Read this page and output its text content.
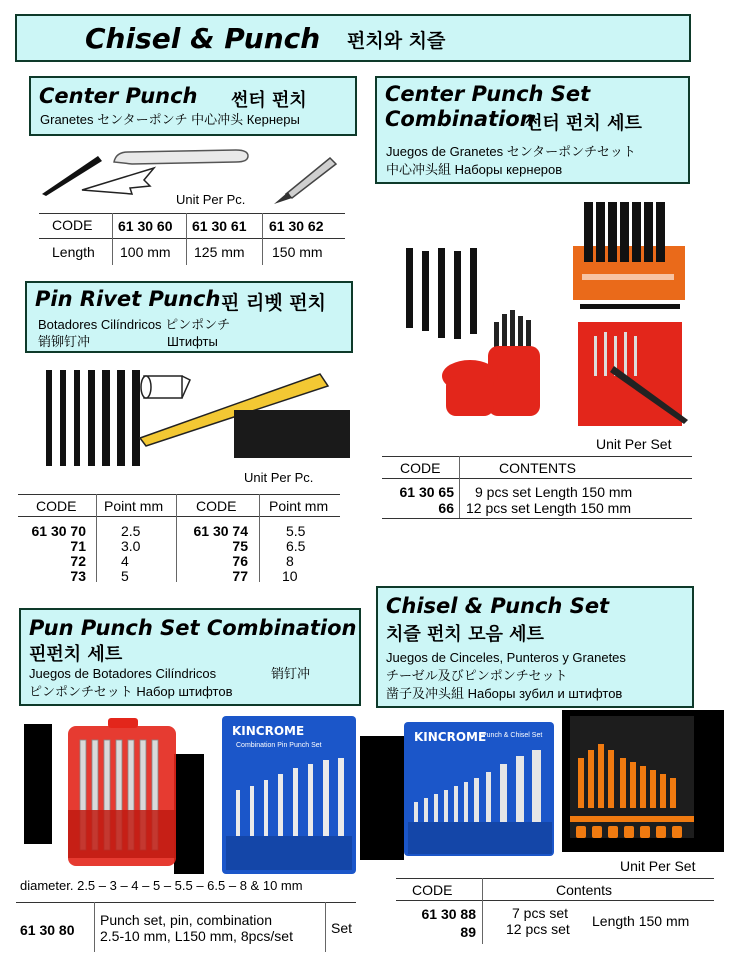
Chisel & Punch 펀치와 치즐
Center Punch 썬터 펀치
Granetes センターポンチ 中心冲头 Кернеры
Unit Per Pc.
CODE 61 30 60 61 30 61 61 30 62
Length 100 mm 125 mm 150 mm
Center Punch Set
Combination
썬터 펀치 세트
Juegos de Granetes センターポンチセット
中心冲头組 Наборы кернеров
Unit Per Set
CODE	CONTENTS
61 30 65 9 pcs set Length 150 mm
66 12 pcs set Length 150 mm
Pin Rivet Punch 핀 리벳 펀치
Botadores Cilíndricos ピンポンチ
销铆钉冲	Штифты
Unit Per Pc.
CODE Point mm CODE Point mm
61 30 70	2.5
71	3.0
72	4
73	5
61 30 74	5.5
75	6.5
76	8
77 10
Chisel & Punch Set
치즐 펀치 모음 세트
Juegos de Cinceles, Punteros y Granetes
チーゼル及びピンポンチセット
凿子及冲头組 Наборы зубил и штифтов
Pun Punch Set Combination
핀펀치 세트
Juegos de Botadores Cilíndricos	销钉冲
ピンポンチセット Набор штифтов
KINCROME
Combination Pin Punch Set
KINCROME
Punch & Chisel Set
Unit Per Set
diameter. 2.5 – 3 – 4 – 5 – 5.5 – 6.5 – 8 & 10 mm
61 30 80
Punch set, pin, combination
2.5-10 mm, L150 mm, 8pcs/set	Set
CODE	Contents
61 30 88	7 pcs set
89 12 pcs set Length 150 mm
